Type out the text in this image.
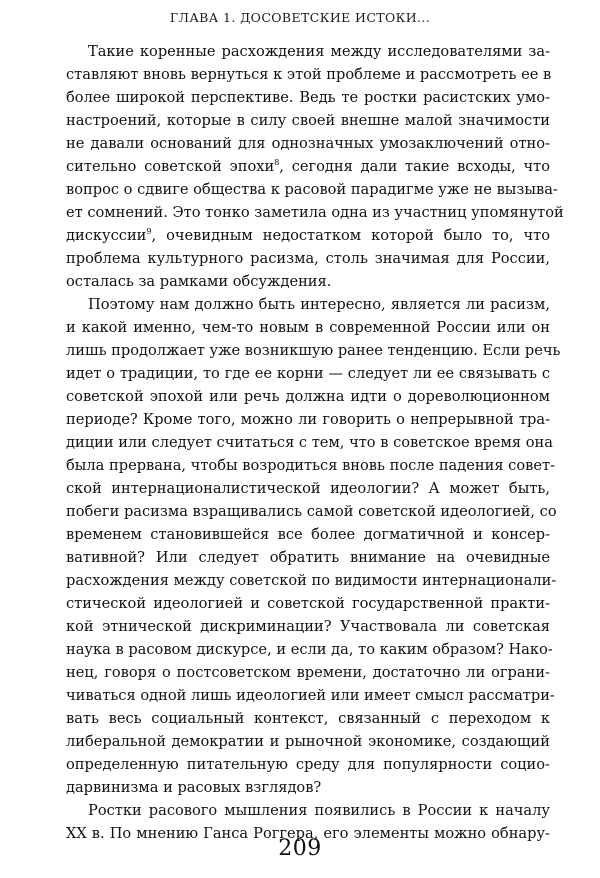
ГЛАВА 1. ДОСОВЕТСКИЕ ИСТОКИ...

Такие коренные расхождения между исследователями за-
ставляют вновь вернуться к этой проблеме и рассмотреть ее в
более широкой перспективе. Ведь те ростки расистских умо-
настроений, которые в силу своей внешне малой значимости
не давали оснований для однозначных умозаключений отно-
сительно советской эпохи$^8$, сегодня дали такие всходы, что
вопрос о сдвиге общества к расовой парадигме уже не вызыва-
ет сомнений. Это тонко заметила одна из участниц упомянутой
дискуссии$^9$, очевидным недостатком которой было то, что
проблема культурного расизма, столь значимая для России,
осталась за рамками обсуждения.

Поэтому нам должно быть интересно, является ли расизм,
и какой именно, чем-то новым в современной России или он
лишь продолжает уже возникшую ранее тенденцию. Если речь
идет о традиции, то где ее корни — следует ли ее связывать с
советской эпохой или речь должна идти о дореволюционном
периоде? Кроме того, можно ли говорить о непрерывной тра-
диции или следует считаться с тем, что в советское время она
была прервана, чтобы возродиться вновь после падения совет-
ской интернационалистической идеологии? А может быть,
побеги расизма взращивались самой советской идеологией, со
временем становившейся все более догматичной и консер-
вативной? Или следует обратить внимание на очевидные
расхождения между советской по видимости интернационали-
стической идеологией и советской государственной практи-
кой этнической дискриминации? Участвовала ли советская
наука в расовом дискурсе, и если да, то каким образом? Нако-
нец, говоря о постсоветском времени, достаточно ли ограни-
чиваться одной лишь идеологией или имеет смысл рассматри-
вать весь социальный контекст, связанный с переходом к
либеральной демократии и рыночной экономике, создающий
определенную питательную среду для популярности социо-
дарвинизма и расовых взглядов?

Ростки расового мышления появились в России к началу
XX в. По мнению Ганса Роггера, его элементы можно обнару-

209
